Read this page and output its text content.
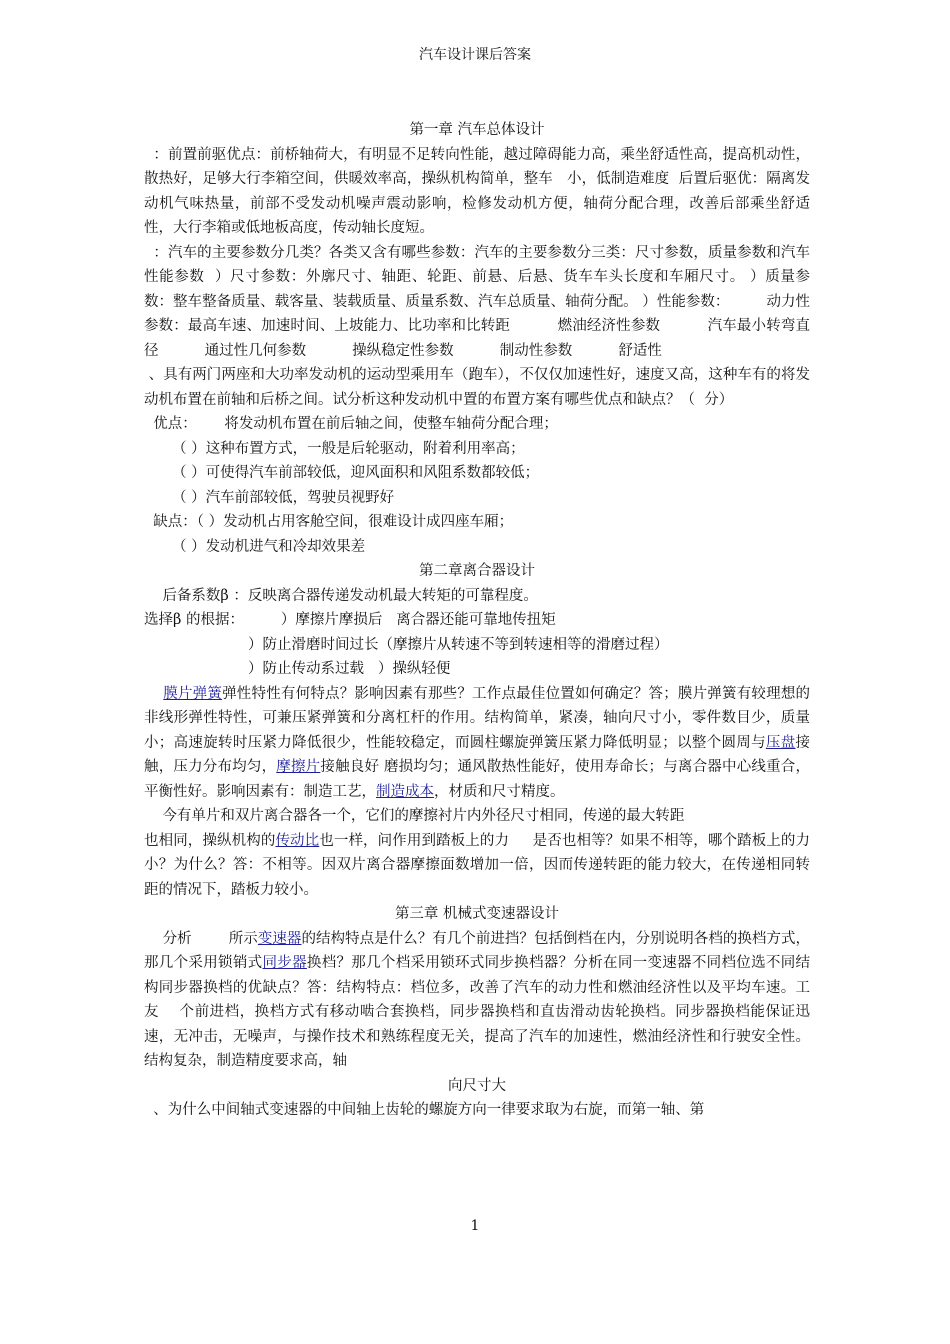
汽车设计课后答案

第一章 汽车总体设计

：前置前驱优点：前桥轴荷大，有明显不足转向性能，越过障碍能力高，乘坐舒适性高，提高机动性，散热好，足够大行李箱空间，供暖效率高，操纵机构简单，整车   小，低制造难度  后置后驱优：隔离发动机气味热量，前部不受发动机噪声震动影响，检修发动机方便，轴荷分配合理，改善后部乘坐舒适性，大行李箱或低地板高度，传动轴长度短。

：汽车的主要参数分几类？各类又含有哪些参数：汽车的主要参数分三类：尺寸参数，质量参数和汽车性能参数  ）尺寸参数：外廓尺寸、轴距、轮距、前悬、后悬、货车车头长度和车厢尺寸。 ）质量参数：整车整备质量、载客量、装载质量、质量系数、汽车总质量、轴荷分配。 ）性能参数：        动力性参数：最高车速、加速时间、上坡能力、比功率和比转距          燃油经济性参数          汽车最小转弯直径          通过性几何参数          操纵稳定性参数          制动性参数          舒适性

、具有两门两座和大功率发动机的运动型乘用车（跑车），不仅仅加速性好，速度又高，这种车有的将发动机布置在前轴和后桥之间。试分析这种发动机中置的布置方案有哪些优点和缺点？（  分）

优点：      将发动机布置在前后轴之间，使整车轴荷分配合理；

（ ）这种布置方式，一般是后轮驱动，附着利用率高；

（ ）可使得汽车前部较低，迎风面积和风阻系数都较低；

（ ）汽车前部较低，驾驶员视野好

缺点：（ ）发动机占用客舱空间，很难设计成四座车厢；

（ ）发动机进气和冷却效果差

第二章离合器设计

后备系数β ：反映离合器传递发动机最大转矩的可靠程度。

选择β 的根据：        ）摩擦片摩损后   离合器还能可靠地传扭矩

）防止滑磨时间过长（摩擦片从转速不等到转速相等的滑磨过程）

）防止传动系过载   ）操纵轻便

膜片弹簧弹性特性有何特点？影响因素有那些？工作点最佳位置如何确定？答；膜片弹簧有较理想的非线形弹性特性，可兼压紧弹簧和分离杠杆的作用。结构简单，紧凑，轴向尺寸小，零件数目少，质量小；高速旋转时压紧力降低很少，性能较稳定，而圆柱螺旋弹簧压紧力降低明显；以整个圆周与压盘接触，压力分布均匀，摩擦片接触良好 磨损均匀；通风散热性能好，使用寿命长；与离合器中心线重合，平衡性好。影响因素有：制造工艺，制造成本，材质和尺寸精度。

今有单片和双片离合器各一个，它们的摩擦衬片内外径尺寸相同，传递的最大转距

也相同，操纵机构的传动比也一样，问作用到踏板上的力     是否也相等？如果不相等，哪个踏板上的力小？为什么？答：不相等。因双片离合器摩擦面数增加一倍，因而传递转距的能力较大，在传递相同转距的情况下，踏板力较小。

第三章 机械式变速器设计

分析        所示变速器的结构特点是什么？有几个前进挡？包括倒档在内，分别说明各档的换档方式，那几个采用锁销式同步器换档？那几个档采用锁环式同步换档器？分析在同一变速器不同档位选不同结构同步器换档的优缺点？答：结构特点：档位多，改善了汽车的动力性和燃油经济性以及平均车速。工友    个前进档，换档方式有移动啮合套换档，同步器换档和直齿滑动齿轮换档。同步器换档能保证迅速，无冲击，无噪声，与操作技术和熟练程度无关，提高了汽车的加速性，燃油经济性和行驶安全性。结构复杂，制造精度要求高，轴

向尺寸大

、为什么中间轴式变速器的中间轴上齿轮的螺旋方向一律要求取为右旋，而第一轴、第

1
